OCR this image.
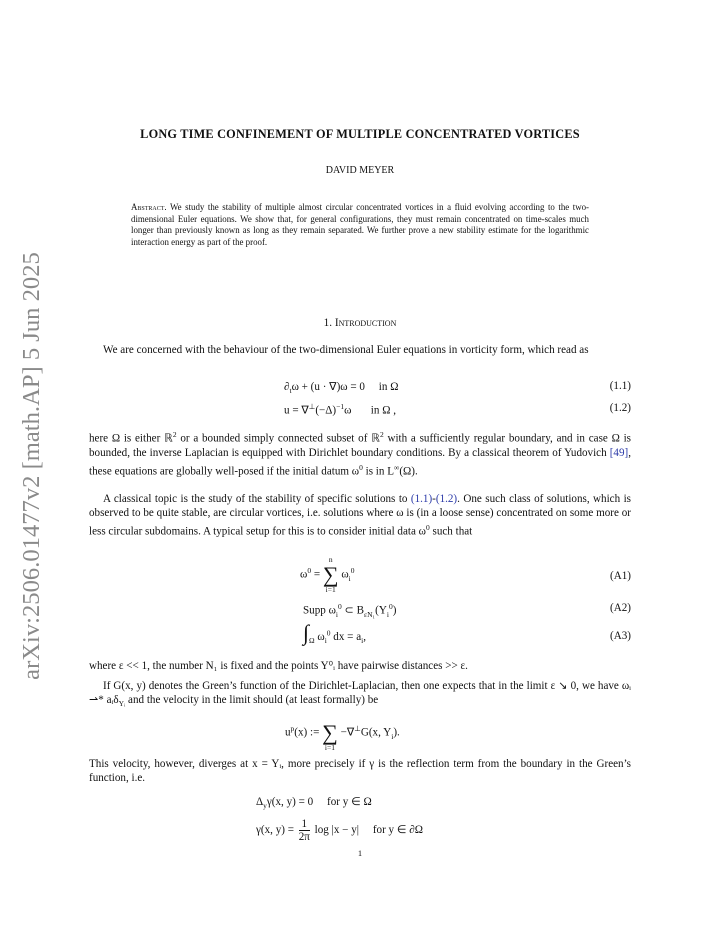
arXiv:2506.01477v2 [math.AP] 5 Jun 2025
LONG TIME CONFINEMENT OF MULTIPLE CONCENTRATED VORTICES
DAVID MEYER
Abstract. We study the stability of multiple almost circular concentrated vortices in a fluid evolving according to the two-dimensional Euler equations. We show that, for general configurations, they must remain concentrated on time-scales much longer than previously known as long as they remain separated. We further prove a new stability estimate for the logarithmic interaction energy as part of the proof.
1. Introduction
We are concerned with the behaviour of the two-dimensional Euler equations in vorticity form, which read as
$\partial_t\omega + (u \cdot \nabla)\omega = 0$     in Ω	(1.1)
$u = \nabla^\perp(-\Delta)^{-1}\omega$       in Ω ,	(1.2)
here Ω is either ℝ$^2$ or a bounded simply connected subset of ℝ$^2$ with a sufficiently regular boundary, and in case Ω is bounded, the inverse Laplacian is equipped with Dirichlet boundary conditions. By a classical theorem of Yudovich [49], these equations are globally well-posed if the initial datum $\omega^0$ is in L∞(Ω).
A classical topic is the study of the stability of specific solutions to (1.1)-(1.2). One such class of solutions, which is observed to be quite stable, are circular vortices, i.e. solutions where ω is (in a loose sense) concentrated on some more or less circular subdomains. A typical setup for this is to consider initial data $\omega^0$ such that
$\omega^0$ =
n
∑
i=1
$\omega_i^0$	(A1)
Supp $\omega_i^0$ ⊂ $B_{\varepsilon N_1}(Y_i^0)$	(A2)
$\int_\Omega$ $\omega_i^0$ dx = $a_i$,	(A3)
where ε << 1, the number N₁ is fixed and the points Y⁰ᵢ have pairwise distances >> ε.
If G(x, y) denotes the Green’s function of the Dirichlet-Laplacian, then one expects that in the limit ε ↘ 0, we have ωᵢ ⇀* aᵢδ$_{Yᵢ}$ and the velocity in the limit should (at least formally) be
$u^p(x)$ :=

∑
i=1
−∇⊥G(x, $Y_i$).
This velocity, however, diverges at x = Yᵢ, more precisely if γ is the reflection term from the boundary in the Green’s function, i.e.
$\Delta_y\gamma(x$, y) = 0     for y ∈ Ω
γ(x, $y) = \frac{1}{2\pi}$ log |x − y|     for y ∈ ∂Ω
1
